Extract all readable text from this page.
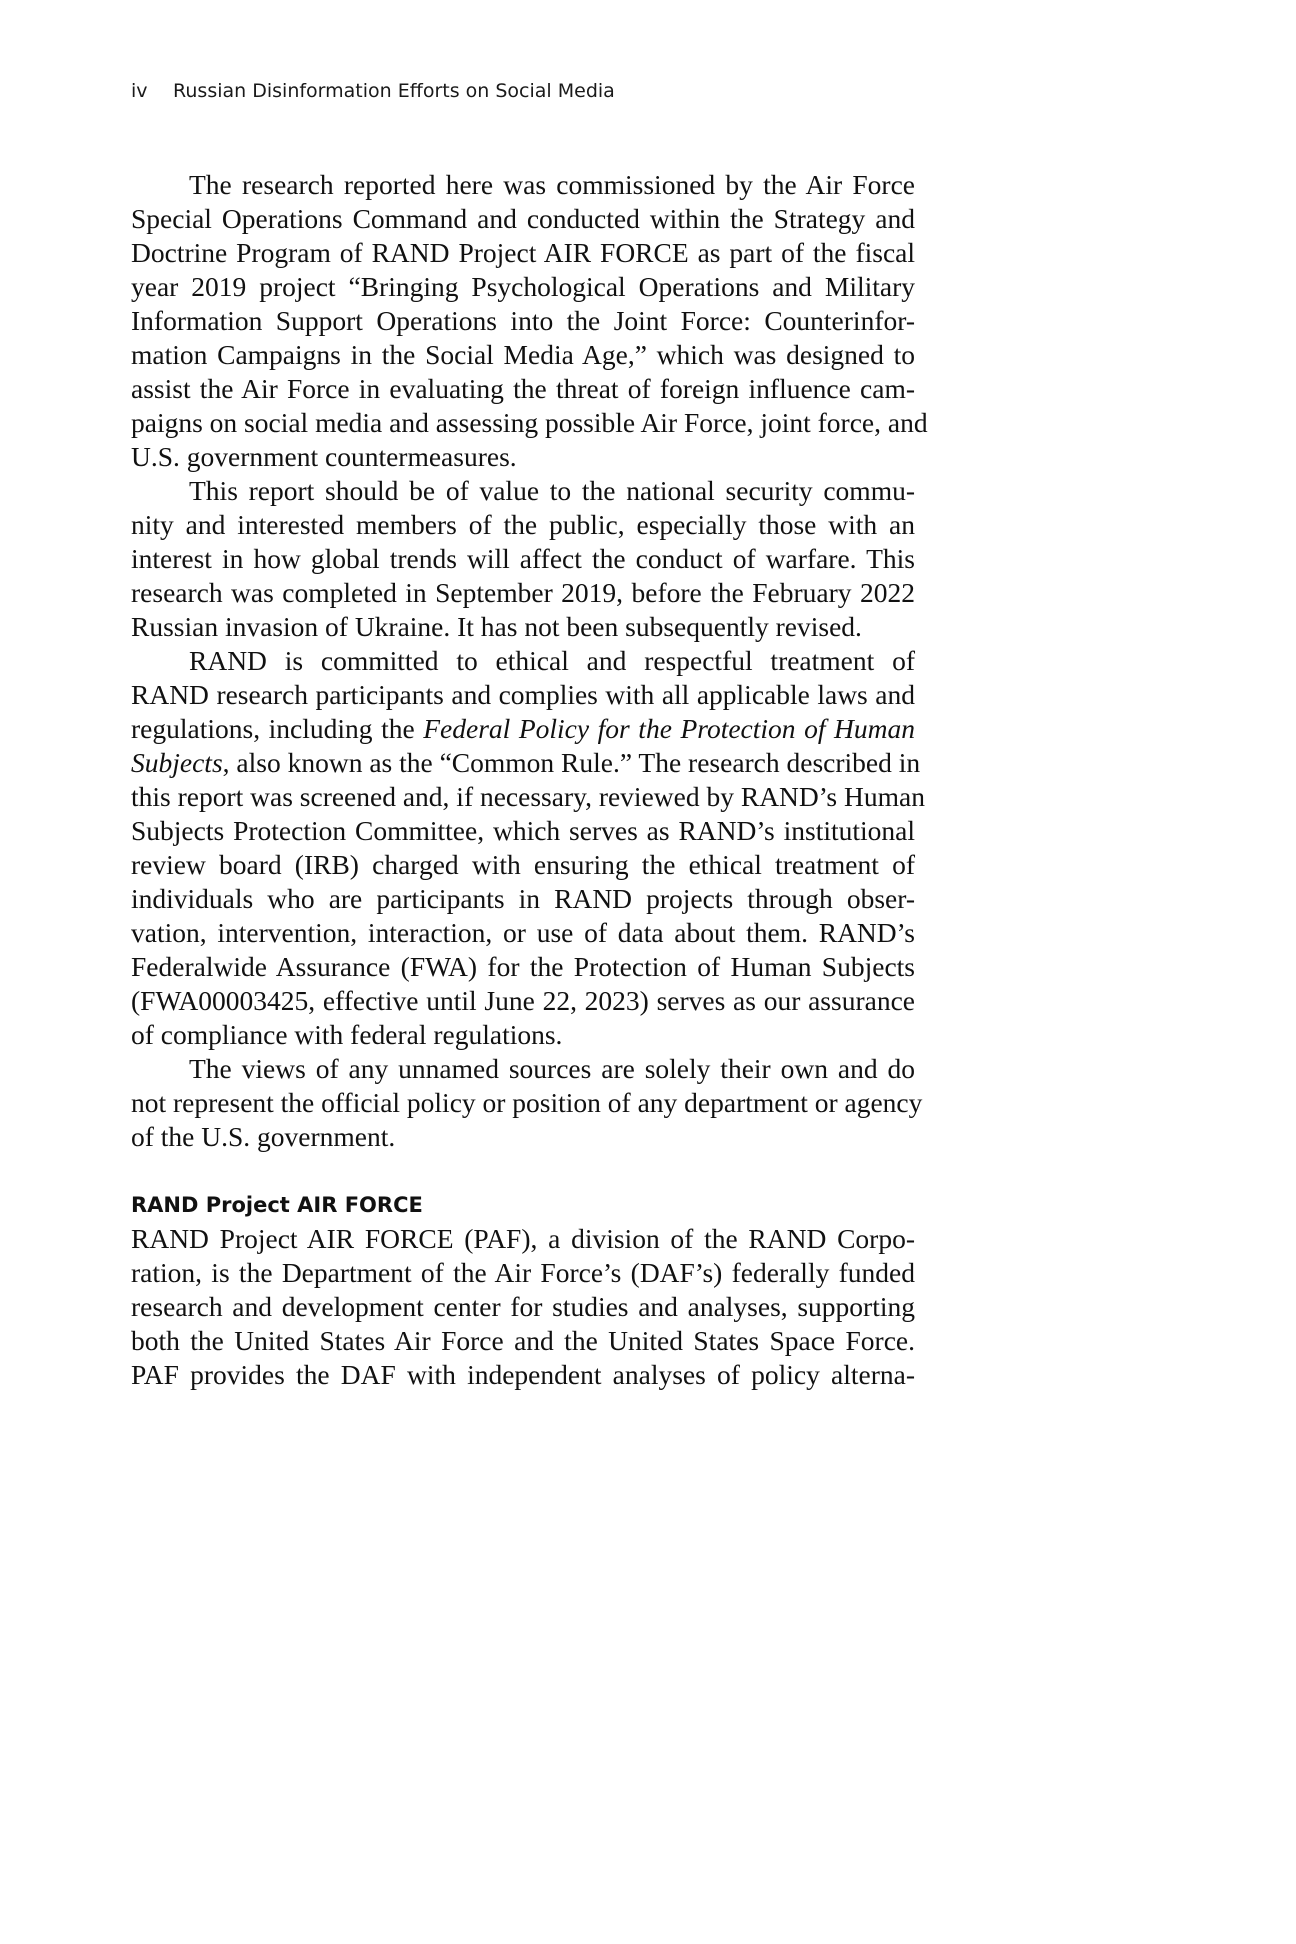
iv Russian Disinformation Efforts on Social Media
The research reported here was commissioned by the Air Force
Special Operations Command and conducted within the Strategy and
Doctrine Program of RAND Project AIR FORCE as part of the fiscal
year 2019 project “Bringing Psychological Operations and Military
Information Support Operations into the Joint Force: Counterinfor-
mation Campaigns in the Social Media Age,” which was designed to
assist the Air Force in evaluating the threat of foreign influence cam-
paigns on social media and assessing possible Air Force, joint force, and
U.S. government countermeasures.
This report should be of value to the national security commu-
nity and interested members of the public, especially those with an
interest in how global trends will affect the conduct of warfare. This
research was completed in September 2019, before the February 2022
Russian invasion of Ukraine. It has not been subsequently revised.
RAND is committed to ethical and respectful treatment of
RAND research participants and complies with all applicable laws and
regulations, including the Federal Policy for the Protection of Human
Subjects, also known as the “Common Rule.” The research described in
this report was screened and, if necessary, reviewed by RAND’s Human
Subjects Protection Committee, which serves as RAND’s institutional
review board (IRB) charged with ensuring the ethical treatment of
individuals who are participants in RAND projects through obser-
vation, intervention, interaction, or use of data about them. RAND’s
Federalwide Assurance (FWA) for the Protection of Human Subjects
(FWA00003425, effective until June 22, 2023) serves as our assurance
of compliance with federal regulations.
The views of any unnamed sources are solely their own and do
not represent the official policy or position of any department or agency
of the U.S. government.
RAND Project AIR FORCE
RAND Project AIR FORCE (PAF), a division of the RAND Corpo-
ration, is the Department of the Air Force’s (DAF’s) federally funded
research and development center for studies and analyses, supporting
both the United States Air Force and the United States Space Force.
PAF provides the DAF with independent analyses of policy alterna-
